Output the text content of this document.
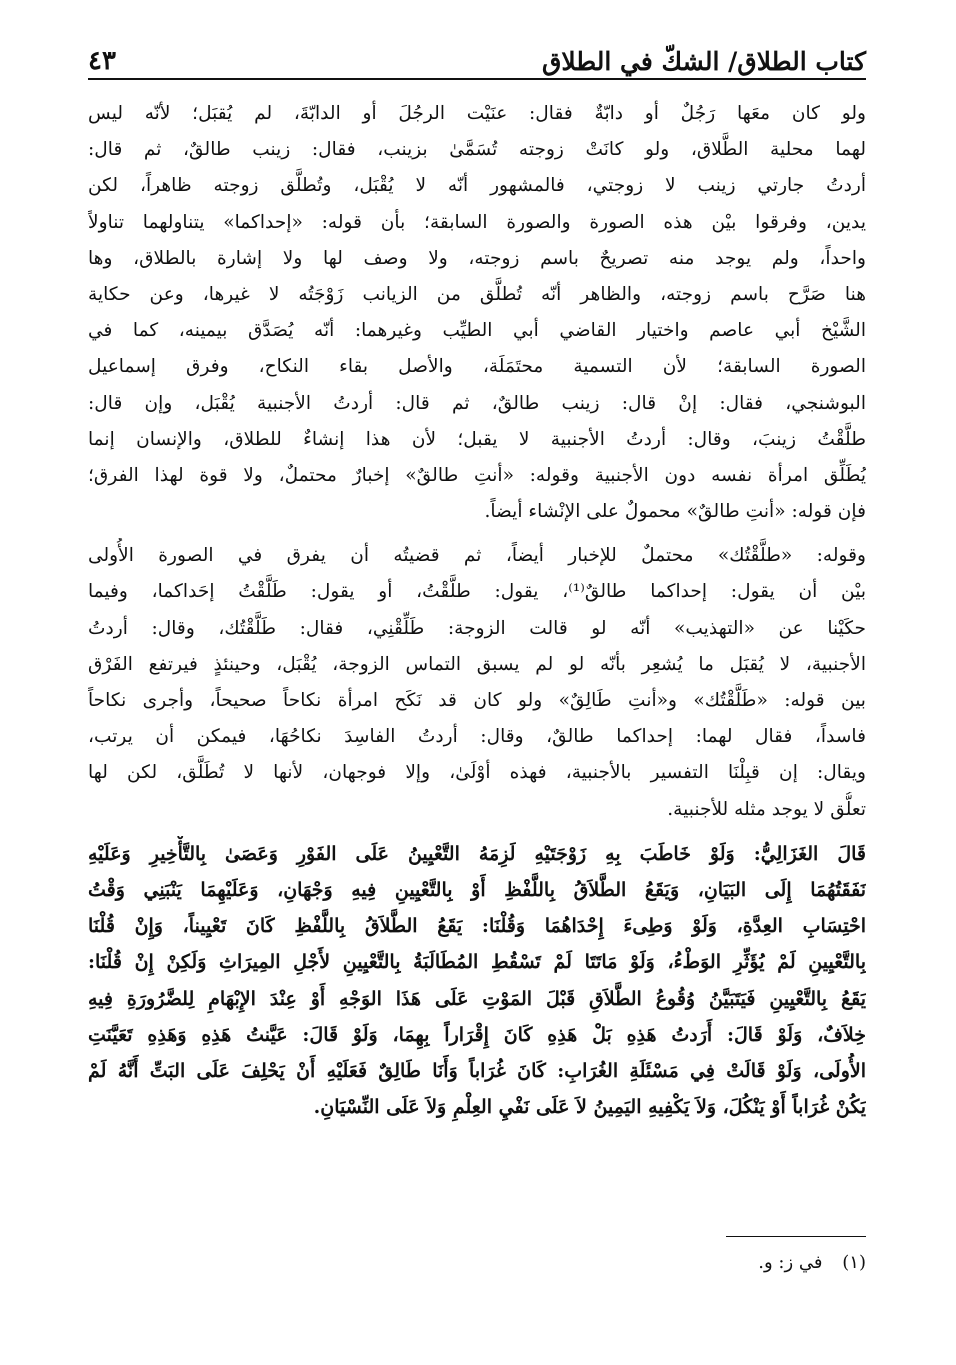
كتاب الطلاق/ الشكّ في الطلاق
٤٣
ولو كان معَها رَجُلٌ أو دابّةٌ فقال: عنَيْت الرجُلَ أو الدابّةَ، لم يُقبَل؛ لأنّه ليس
لهما محلية الطَّلاق، ولو كانَتْ زوجته تُسَمَّىٰ بزينب، فقال: زينب طالقٌ، ثم قال:
أردتُ جارتي زينب لا زوجتي، فالمشهور أنّه لا يُقْبَل، وتُطلَّق زوجته ظاهراً، لكن
يدين، وفرقوا بيْن هذه الصورة والصورة السابقة؛ بأن قوله: «إحداكما» يتناولهما تناولاً
واحداً، ولم يوجد منه تصريحٌ باسم زوجته، ولا وصف لها ولا إشارة بالطلاق، وها
هنا صَرَّح باسم زوجته، والظاهر أنّه تُطلَّق من الزيانب زَوْجَتُه لا غيرها، وعن حكاية
الشَّيْخ أبي عاصم واختيار القاضي أبي الطيِّب وغيرهما: أنّه يُصَدَّق بيمينه، كما في
الصورة السابقة؛ لأن التسمية محتَمَلَة، والأصل بقاء النكاح، وفرق إسماعيل
البوشنجي، فقال: إنْ قال: زينب طالقٌ، ثم قال: أردتُ الأجنبية يُقْبَل، وإن قال:
طلَّقْتُ زينبَ، وقال: أردتُ الأجنبية لا يقبل؛ لأن هذا إنشاءٌ للطلاق، والإنسان إنما
يُطَلِّق امرأة نفسه دون الأجنبية وقوله: «أنتِ طالقٌ» إخبارٌ محتملٌ، ولا قوة لهذا الفرق؛
فإن قوله: «أنتِ طالقٌ» محمولٌ على الإنْشاء أيضاً.
وقوله: «طلَّقْتُك» محتملٌ للإخبار أيضاً، ثم قضيتُه أن يفرق في الصورة الأُولى
بيْن أن يقول: إحداكما طالقٌ⁽¹⁾، يقول: طلَّقْتُ، أو يقول: طَلَّقْتُ إحَداكما، وفيما
حكَيْنا عن «التهذيب» أنّه لو قالت الزوجة: طَلِّقْنِي، فقال: طَلَّقْتُك، وقال: أردتُ
الأجنبية، لا يُقبَل ما يُشعِر بأنّه لو لم يسبق التماس الزوجة، يُقْبَل، وحينئذٍ فيرتفع الفَرْق
بين قوله: «طَلَّقْتُك» و«أنتِ طَالِقٌ» ولو كان قد نَكَح امرأة نكاحاً صحيحاً، وأجرى نكاحاً
فاسداً، فقال لهما: إحداكما طالقٌ، وقال: أردتُ الفاسِدَ نكاحُهَا، فيمكن أن يرتب،
ويقال: إن قبِلْنَا التفسير بالأجنبية، فهذه أوْلَىٰ، وإلا فوجهان، لأنها لا تُطَلَّق، لكن لها
تعلُّق لا يوجد مثله للأجنبية.
قَالَ الغَزَالِيُّ: وَلَوْ خَاطَبَ بِهِ زَوْجَتَيْهِ لَزِمَهُ التَّعْيِينُ عَلَى الفَوْرِ وَعَصَىٰ بِالتَّأْخِيرِ وَعَلَيْهِ
نَفَقَتُهُمَا إِلَى البَيَانِ، وَيَقَعُ الطَّلاَقُ بِاللَّفْظِ أَوْ بِالتَّعْيِينِ فِيهِ وَجْهَانِ، وَعَلَيْهِمَا يَنْبَنِي وَقْتُ
احْتِسَابِ العِدَّةِ، وَلَوْ وَطِىءَ إِحْدَاهُمَا وَقُلْنَا: يَقَعُ الطَّلاَقُ بِاللَّفْظِ كَانَ تَعْيِيناً، وَإِنْ قُلْنَا
بِالتَّعْيِينِ لَمْ يُؤَثِّرِ الوَطْءُ، وَلَوْ مَاتَتَا لَمْ تَسْقُطِ المُطَالَبَةُ بِالتَّعْيِينِ لأَجْلِ المِيرَاثِ وَلَكِنْ إِنْ قُلْنَا:
يَقَعُ بِالتَّعْيِينِ فَيَتَبَيَّنُ وُقُوعُ الطَّلاَقِ قَبْلَ المَوْتِ عَلَى هَذَا الوَجْهِ أَوْ عِنْدَ الإِبْهَامِ لِلضَّرُورَةِ فِيهِ
خِلاَفٌ، وَلَوْ قَالَ: أَرَدتُ هَذِهِ بَلْ هَذِهِ كَانَ إِقْرَاراً بِهِمَا، وَلَوْ قَالَ: عَيَّنتُ هَذِهِ وَهَذِهِ تَعَيَّنَتِ
الأُولَى، وَلَوْ قَالَتْ فِي مَسْئَلَةِ الغُرَابِ: كَانَ غُرَاباً وَأَنَا طَالِقٌ فَعَلَيْهِ أَنْ يَحْلِفَ عَلَى البَتِّ أَنَّهُ لَمْ
يَكُنْ غُرَاباً أَوْ يَنْكُلَ، وَلاَ يَكْفِيهِ اليَمِينُ لاَ عَلَى نَفْيِ العِلْمِ وَلاَ عَلَى النِّسْيَانِ.
(١) في ز: و.
